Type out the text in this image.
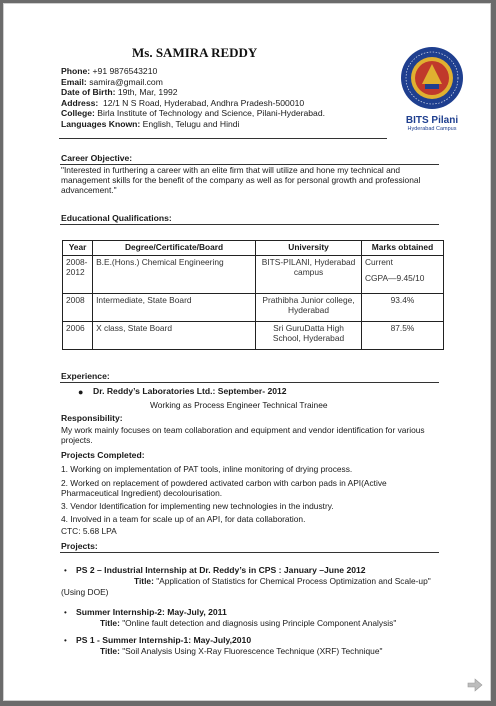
Ms. SAMIRA REDDY
Phone: +91 9876543210
Email: samira@gmail.com
Date of Birth: 19th, Mar, 1992
Address: 12/1 N S Road, Hyderabad, Andhra Pradesh-500010
College: Birla Institute of Technology and Science, Pilani-Hyderabad.
Languages Known: English, Telugu and Hindi	BITS Pilani
Hyderabad Campus
Career Objective:
"Interested in furthering a career with an elite firm that will utilize and hone my technical and management skills for the benefit of the company as well as for personal growth and professional advancement."
Educational Qualifications:
Year	Degree/Certificate/Board	University	Marks obtained
2008-2012	B.E.(Hons.) Chemical Engineering	BITS-PILANI, Hyderabad campus	Current
CGPA—9.45/10

2008	Intermediate, State Board	Prathibha Junior college, Hyderabad	93.4%
2006	X class, State Board	Sri GuruDatta High School, Hyderabad	87.5%
Experience:
● Dr. Reddy’s Laboratories Ltd.: September- 2012
Working as Process Engineer Technical Trainee
Responsibility:
My work mainly focuses on team collaboration and equipment and vendor identification for various projects.
Projects Completed:
1. Working on implementation of PAT tools, inline monitoring of drying process.
2. Worked on replacement of powdered activated carbon with carbon pads in API(Active Pharmaceutical Ingredient) decolourisation.
3. Vendor Identification for implementing new technologies in the industry.
4. Involved in a team for scale up of an API, for data collaboration.
CTC: 5.68 LPA
Projects:
• PS 2 – Industrial Internship at Dr. Reddy’s in CPS : January –June 2012
Title: "Application of Statistics for Chemical Process Optimization and Scale-up"
(Using DOE)
• Summer Internship-2: May-July, 2011
Title: "Online fault detection and diagnosis using Principle Component Analysis"
• PS 1 - Summer Internship-1: May-July,2010
Title: "Soil Analysis Using X-Ray Fluorescence Technique (XRF) Technique"
